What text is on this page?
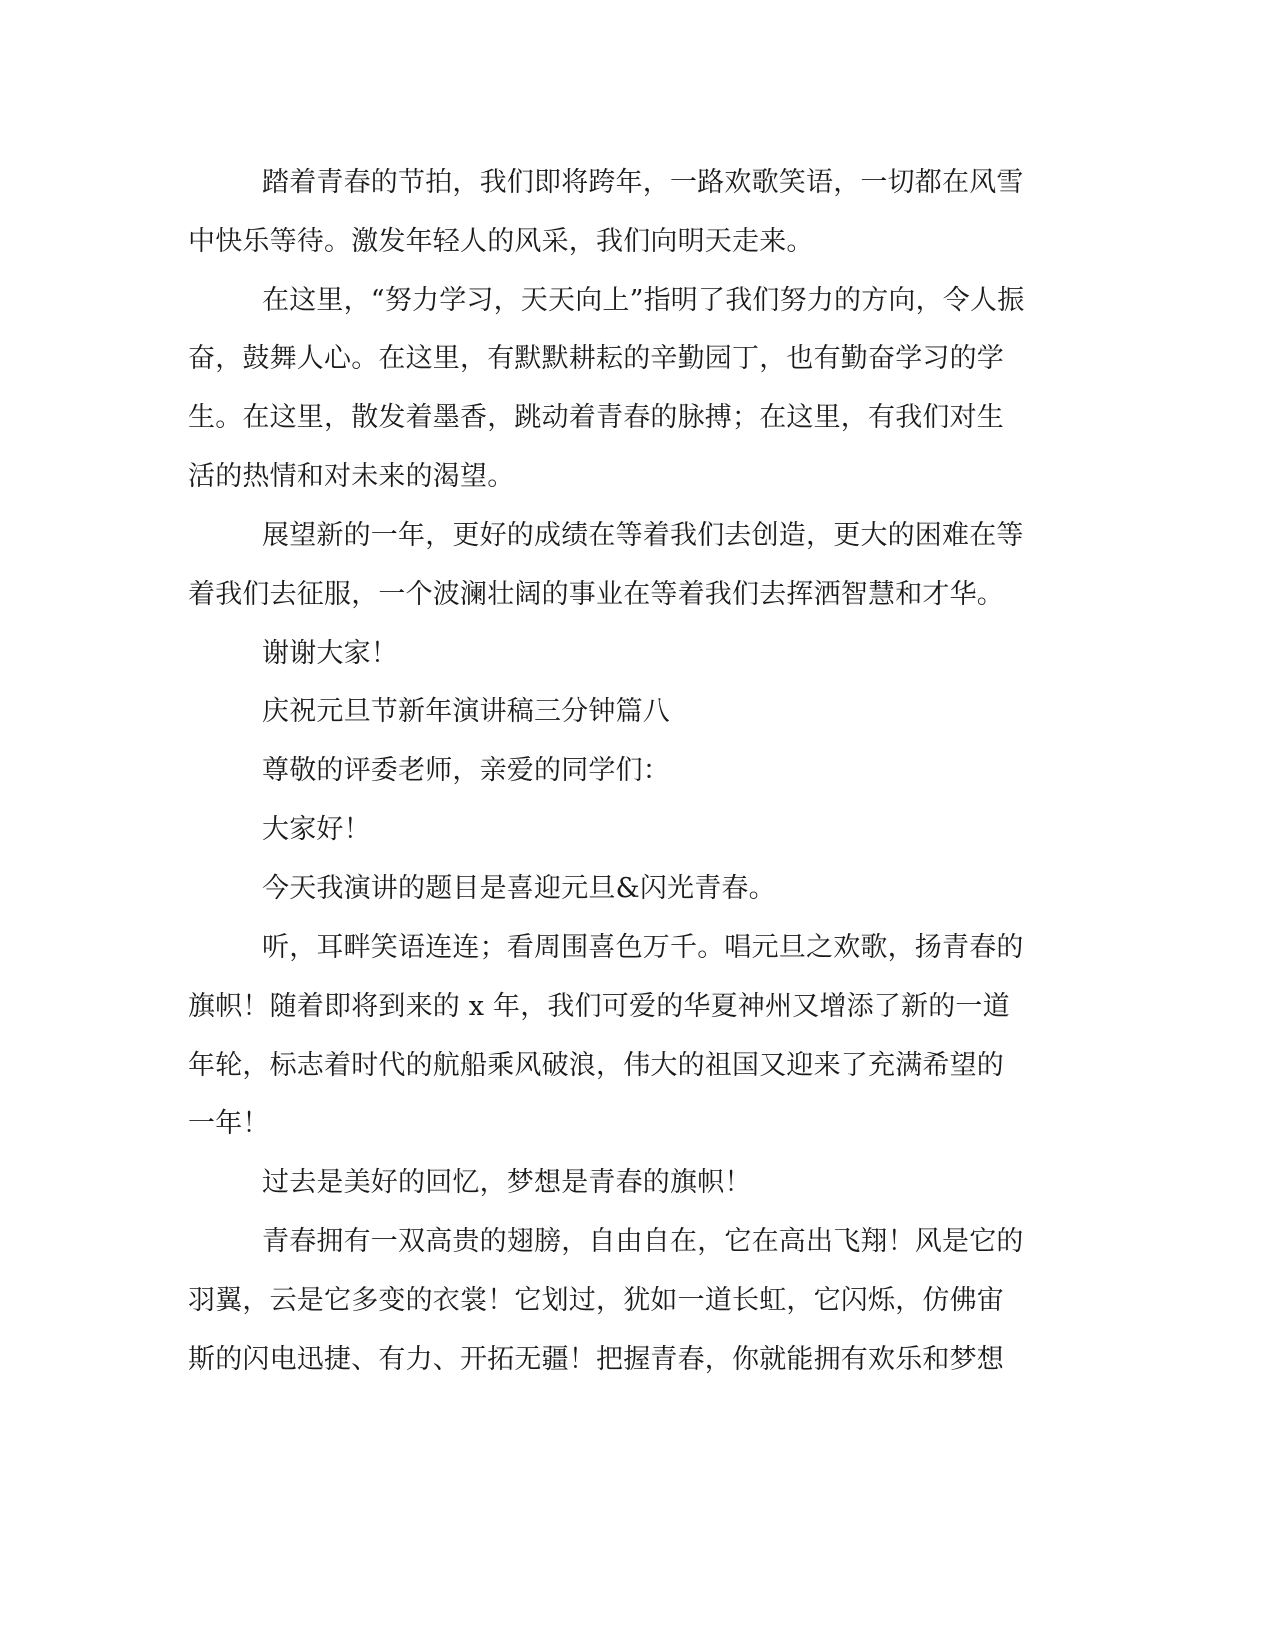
踏着青春的节拍，我们即将跨年，一路欢歌笑语，一切都在风雪
中快乐等待。激发年轻人的风采，我们向明天走来。
在这里，“努力学习，天天向上”指明了我们努力的方向，令人振
奋，鼓舞人心。在这里，有默默耕耘的辛勤园丁，也有勤奋学习的学
生。在这里，散发着墨香，跳动着青春的脉搏；在这里，有我们对生
活的热情和对未来的渴望。
展望新的一年，更好的成绩在等着我们去创造，更大的困难在等
着我们去征服，一个波澜壮阔的事业在等着我们去挥洒智慧和才华。
谢谢大家！
庆祝元旦节新年演讲稿三分钟篇八
尊敬的评委老师，亲爱的同学们：
大家好！
今天我演讲的题目是喜迎元旦&闪光青春。
听，耳畔笑语连连；看周围喜色万千。唱元旦之欢歌，扬青春的
旗帜！随着即将到来的 x 年，我们可爱的华夏神州又增添了新的一道
年轮，标志着时代的航船乘风破浪，伟大的祖国又迎来了充满希望的
一年！
过去是美好的回忆，梦想是青春的旗帜！
青春拥有一双高贵的翅膀，自由自在，它在高出飞翔！风是它的
羽翼，云是它多变的衣裳！它划过，犹如一道长虹，它闪烁，仿佛宙
斯的闪电迅捷、有力、开拓无疆！把握青春，你就能拥有欢乐和梦想
